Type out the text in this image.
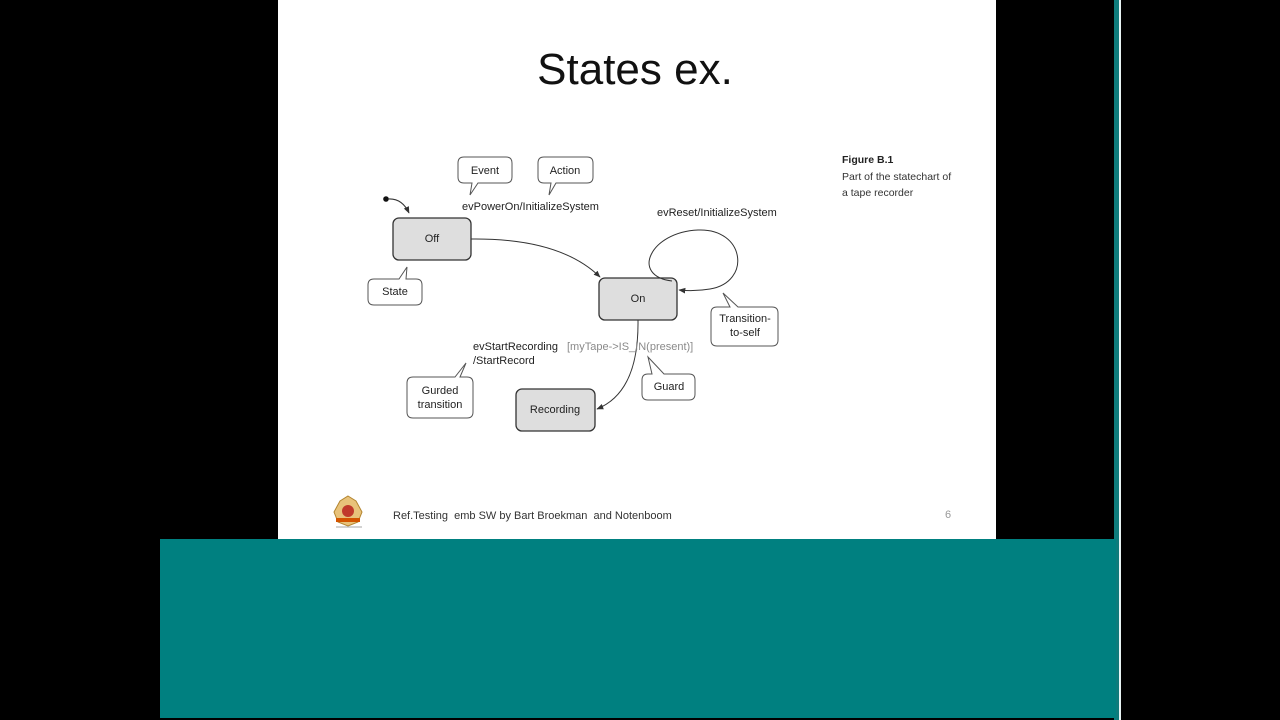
States ex.
Figure B.1
Part of the statechart of
a tape recorder
Off
On
Recording
evPowerOn/InitializeSystem	evReset/InitializeSystem
evStartRecording [myTape->IS_IN(present)]
/StartRecord
Event	Action
State
Transition-
to-self
Guard
Gurded
transition
Ref.Testing  emb SW by Bart Broekman  and Notenboom	6
